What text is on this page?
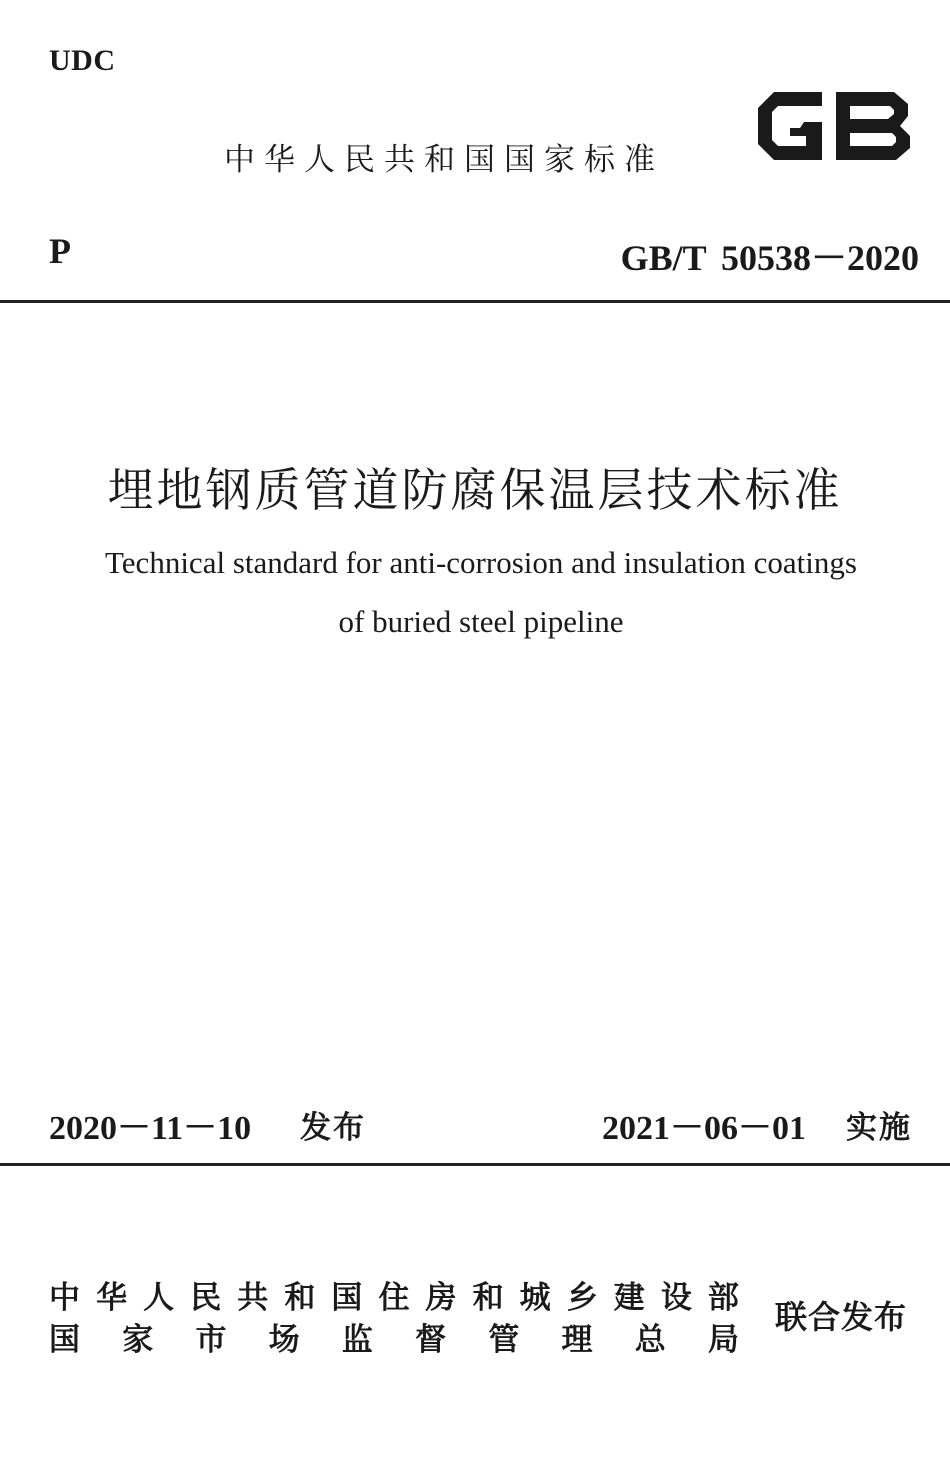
UDC
中华人民共和国国家标准
P	GB/T 50538－2020
埋地钢质管道防腐保温层技术标准
Technical standard for anti-corrosion and insulation coatings
of buried steel pipeline
2020－11－10 发布	2021－06－01 实施
中 华 人 民 共 和 国 住 房 和 城 乡 建 设 部
国 家 市 场 监 督 管 理 总 局
联合发布
